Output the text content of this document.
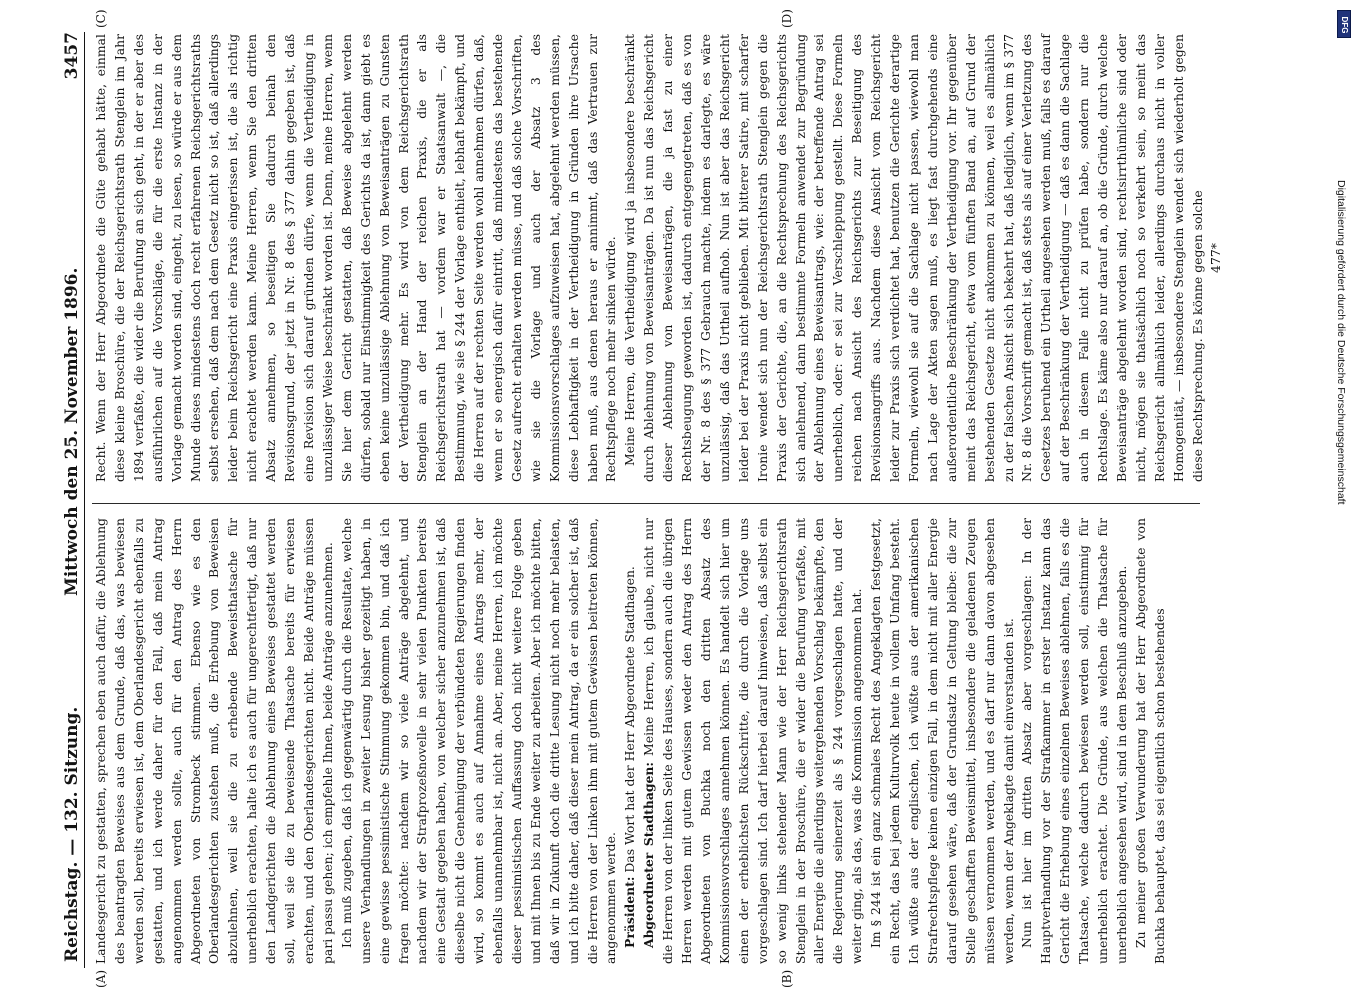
Reichstag. — 132. Sitzung.
Mittwoch den 25. November 1896.
3457
(A)	(B)
(C)	(D)

Landesgericht zu gestatten, sprechen eben auch dafür, die Ablehnung des beantragten Beweises aus dem Grunde, daß das, was bewiesen werden soll, bereits erwiesen ist, dem Oberlandesgericht ebenfalls zu gestatten, und ich werde daher für den Fall, daß mein Antrag angenommen werden sollte, auch für den Antrag des Herrn Abgeordneten von Strombeck stimmen. Ebenso wie es den Oberlandesgerichten zustehen muß, die Erhebung von Beweisen abzulehnen, weil sie die zu erhebende Beweisthatsache für unerheblich erachten, halte ich es auch für ungerechtfertigt, daß nur den Landgerichten die Ablehnung eines Beweises gestattet werden soll, weil sie die zu beweisende Thatsache bereits für erwiesen erachten, und den Oberlandesgerichten nicht. Beide Anträge müssen pari passu gehen; ich empfehle Ihnen, beide Anträge anzunehmen. Ich muß zugeben, daß ich gegenwärtig durch die Resultate, welche unsere Verhandlungen in zweiter Lesung bisher gezeitigt haben, in eine gewisse pessimistische Stimmung gekommen bin, und daß ich fragen möchte: nachdem wir so viele Anträge abgelehnt, und nachdem wir der Strafprozeßnovelle in sehr vielen Punkten bereits eine Gestalt gegeben haben, von welcher sicher anzunehmen ist, daß dieselbe nicht die Genehmigung der verbündeten Regierungen finden wird, so kommt es auch auf Annahme eines Antrags mehr, der ebenfalls unannehmbar ist, nicht an. Aber, meine Herren, ich möchte dieser pessimistischen Auffassung doch nicht weitere Folge geben und mit Ihnen bis zu Ende weiter zu arbeiten. Aber ich möchte bitten, daß wir in Zukunft doch die dritte Lesung nicht noch mehr belasten, und ich bitte daher, daß dieser mein Antrag, da er ein solcher ist, daß die Herren von der Linken ihm mit gutem Gewissen beitreten können, angenommen werde. Präsident: Das Wort hat der Herr Abgeordnete Stadthagen. Abgeordneter Stadthagen: Meine Herren, ich glaube, nicht nur die Herren von der linken Seite des Hauses, sondern auch die übrigen Herren werden mit gutem Gewissen weder den Antrag des Herrn Abgeordneten von Buchka noch den dritten Absatz des Kommissionsvorschlages annehmen können. Es handelt sich hier um einen der erheblichsten Rückschritte, die durch die Vorlage uns vorgeschlagen sind. Ich darf hierbei darauf hinweisen, daß selbst ein so wenig links stehender Mann wie der Herr Reichsgerichtsrath Stenglein in der Broschüre, die er wider die Berufung verfaßte, mit aller Energie die allerdings weitergehenden Vorschlag bekämpfte, den die Regierung seinerzeit als § 244 vorgeschlagen hatte, und der weiter ging, als das, was die Kommission angenommen hat. Im § 244 ist ein ganz schmales Recht des Angeklagten festgesetzt, ein Recht, das bei jedem Kulturvolk heute in vollem Umfang besteht. Ich wüßte aus der englischen, ich wüßte aus der amerikanischen Strafrechtspflege keinen einzigen Fall, in dem nicht mit aller Energie darauf gesehen wäre, daß der Grundsatz in Geltung bleibe: die zur Stelle geschafften Beweismittel, insbesondere die geladenen Zeugen müssen vernommen werden, und es darf nur dann davon abgesehen werden, wenn der Angeklagte damit einverstanden ist. Nun ist hier im dritten Absatz aber vorgeschlagen: In der Hauptverhandlung vor der Strafkammer in erster Instanz kann das Gericht die Erhebung eines einzelnen Beweises ablehnen, falls es die Thatsache, welche dadurch bewiesen werden soll, einstimmig für unerheblich erachtet. Die Gründe, aus welchen die Thatsache für unerheblich angesehen wird, sind in dem Beschluß anzugeben. Zu meiner großen Verwunderung hat der Herr Abgeordnete von Buchka behauptet, das sei eigentlich schon bestehendes

Recht. Wenn der Herr Abgeordnete die Güte gehabt hätte, einmal diese kleine Broschüre, die der Reichsgerichtsrath Stenglein im Jahr 1894 verfaßte, die wider die Berufung an sich geht, in der er aber des ausführlichen auf die Vorschläge, die für die erste Instanz in der Vorlage gemacht worden sind, eingeht, zu lesen, so würde er aus dem Munde dieses mindestens doch recht erfahrenen Reichsgerichtsraths selbst ersehen, daß dem nach dem Gesetz nicht so ist, daß allerdings leider beim Reichsgericht eine Praxis eingerissen ist, die als richtig nicht erachtet werden kann. Meine Herren, wenn Sie den dritten Absatz annehmen, so beseitigen Sie dadurch beinah den Revisionsgrund, der jetzt in Nr. 8 des § 377 dahin gegeben ist, daß eine Revision sich darauf gründen dürfe, wenn die Vertheidigung in unzulässiger Weise beschränkt worden ist. Denn, meine Herren, wenn Sie hier dem Gericht gestatten, daß Beweise abgelehnt werden dürfen, sobald nur Einstimmigkeit des Gerichts da ist, dann giebt es eben keine unzulässige Ablehnung von Beweisanträgen zu Gunsten der Vertheidigung mehr. Es wird von dem Reichsgerichtsrath Stenglein an der Hand der reichen Praxis, die er als Reichsgerichtsrath hat — vordem war er Staatsanwalt —, die Bestimmung, wie sie § 244 der Vorlage enthielt, lebhaft bekämpft, und die Herren auf der rechten Seite werden wohl annehmen dürfen, daß, wenn er so energisch dafür eintritt, daß mindestens das bestehende Gesetz aufrecht erhalten werden müsse, und daß solche Vorschriften, wie sie die Vorlage und auch der Absatz 3 des Kommissionsvorschlages aufzuweisen hat, abgelehnt werden müssen, diese Lebhaftigkeit in der Vertheidigung in Gründen ihre Ursache haben muß, aus denen heraus er annimmt, daß das Vertrauen zur Rechtspflege noch mehr sinken würde. Meine Herren, die Vertheidigung wird ja insbesondere beschränkt durch Ablehnung von Beweisanträgen. Da ist nun das Reichsgericht dieser Ablehnung von Beweisanträgen, die ja fast zu einer Rechtsbeugung geworden ist, dadurch entgegengetreten, daß es von der Nr. 8 des § 377 Gebrauch machte, indem es darlegte, es wäre unzulässig, daß das Urtheil aufhob. Nun ist aber das Reichsgericht leider bei der Praxis nicht geblieben. Mit bitterer Satire, mit scharfer Ironie wendet sich nun der Reichsgerichtsrath Stenglein gegen die Praxis der Gerichte, die, an die Rechtsprechung des Reichsgerichts sich anlehnend, dann bestimmte Formeln anwendet zur Begründung der Ablehnung eines Beweisantrags, wie: der betreffende Antrag sei unerheblich, oder: er sei zur Verschleppung gestellt. Diese Formeln reichen nach Ansicht des Reichsgerichts zur Beseitigung des Revisionsangriffs aus. Nachdem diese Ansicht vom Reichsgericht leider zur Praxis sich verdichtet hat, benutzen die Gerichte derartige Formeln, wiewohl sie auf die Sachlage nicht passen, wiewohl man nach Lage der Akten sagen muß, es liegt fast durchgehends eine außerordentliche Beschränkung der Vertheidigung vor. Ihr gegenüber meint das Reichsgericht, etwa vom fünften Band an, auf Grund der bestehenden Gesetze nicht ankommen zu können, weil es allmählich zu der falschen Ansicht sich bekehrt hat, daß lediglich, wenn im § 377 Nr. 8 die Vorschrift gemacht ist, daß stets als auf einer Verletzung des Gesetzes beruhend ein Urtheil angesehen werden muß, falls es darauf auf der Beschränkung der Vertheidigung — daß es dann die Sachlage auch in diesem Falle nicht zu prüfen habe, sondern nur die Rechtslage. Es käme also nur darauf an, ob die Gründe, durch welche Beweisanträge abgelehnt worden sind, rechtsirrthümliche sind oder nicht, mögen sie thatsächlich noch so verkehrt sein, so meint das Reichsgericht allmählich leider, allerdings durchaus nicht in voller Homogenität, — insbesondere Stenglein wendet sich wiederholt gegen diese Rechtsprechung. Es könne gegen solche 477*	Digitalisierung gefördert durch die Deutsche Forschungsgemeinschaft
DFG
